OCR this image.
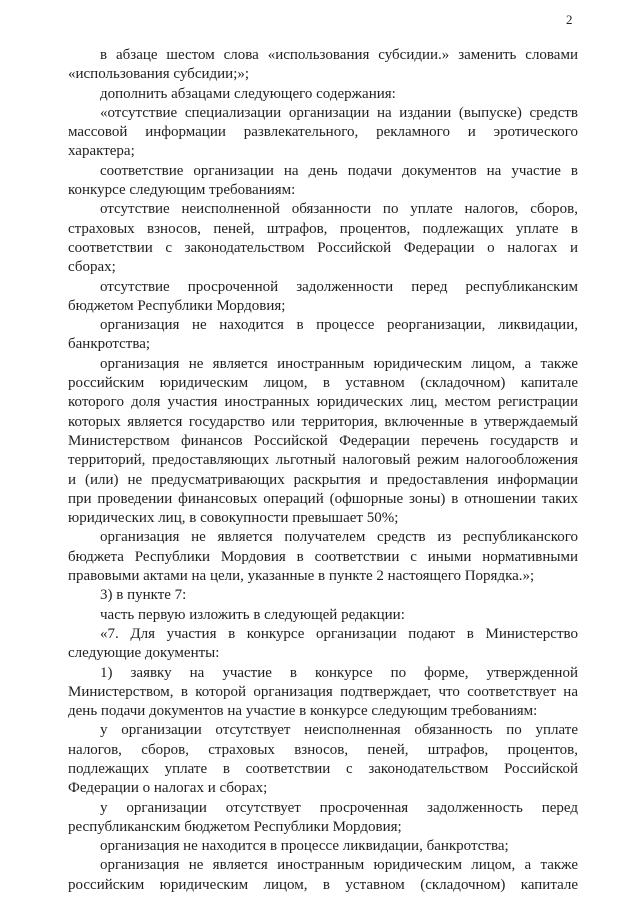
2
в абзаце шестом слова «использования субсидии.» заменить словами
«использования субсидии;»;
дополнить абзацами следующего содержания:
«отсутствие специализации организации на издании (выпуске) средств
массовой информации развлекательного, рекламного и эротического
характера;
соответствие организации на день подачи документов на участие в
конкурсе следующим требованиям:
отсутствие неисполненной обязанности по уплате налогов, сборов,
страховых взносов, пеней, штрафов, процентов, подлежащих уплате в
соответствии с законодательством Российской Федерации о налогах и
сборах;
отсутствие просроченной задолженности перед республиканским
бюджетом Республики Мордовия;
организация не находится в процессе реорганизации, ликвидации,
банкротства;
организация не является иностранным юридическим лицом, а также
российским юридическим лицом, в уставном (складочном) капитале
которого доля участия иностранных юридических лиц, местом регистрации
которых является государство или территория, включенные в утверждаемый
Министерством финансов Российской Федерации перечень государств и
территорий, предоставляющих льготный налоговый режим налогообложения
и (или) не предусматривающих раскрытия и предоставления информации
при проведении финансовых операций (офшорные зоны) в отношении таких
юридических лиц, в совокупности превышает 50%;
организация не является получателем средств из республиканского
бюджета Республики Мордовия в соответствии с иными нормативными
правовыми актами на цели, указанные в пункте 2 настоящего Порядка.»;
3) в пункте 7:
часть первую изложить в следующей редакции:
«7. Для участия в конкурсе организации подают в Министерство
следующие документы:
1) заявку на участие в конкурсе по форме, утвержденной
Министерством, в которой организация подтверждает, что соответствует на
день подачи документов на участие в конкурсе следующим требованиям:
у организации отсутствует неисполненная обязанность по уплате
налогов, сборов, страховых взносов, пеней, штрафов, процентов,
подлежащих уплате в соответствии с законодательством Российской
Федерации о налогах и сборах;
у организации отсутствует просроченная задолженность перед
республиканским бюджетом Республики Мордовия;
организация не находится в процессе ликвидации, банкротства;
организация не является иностранным юридическим лицом, а также
российским юридическим лицом, в уставном (складочном) капитале
